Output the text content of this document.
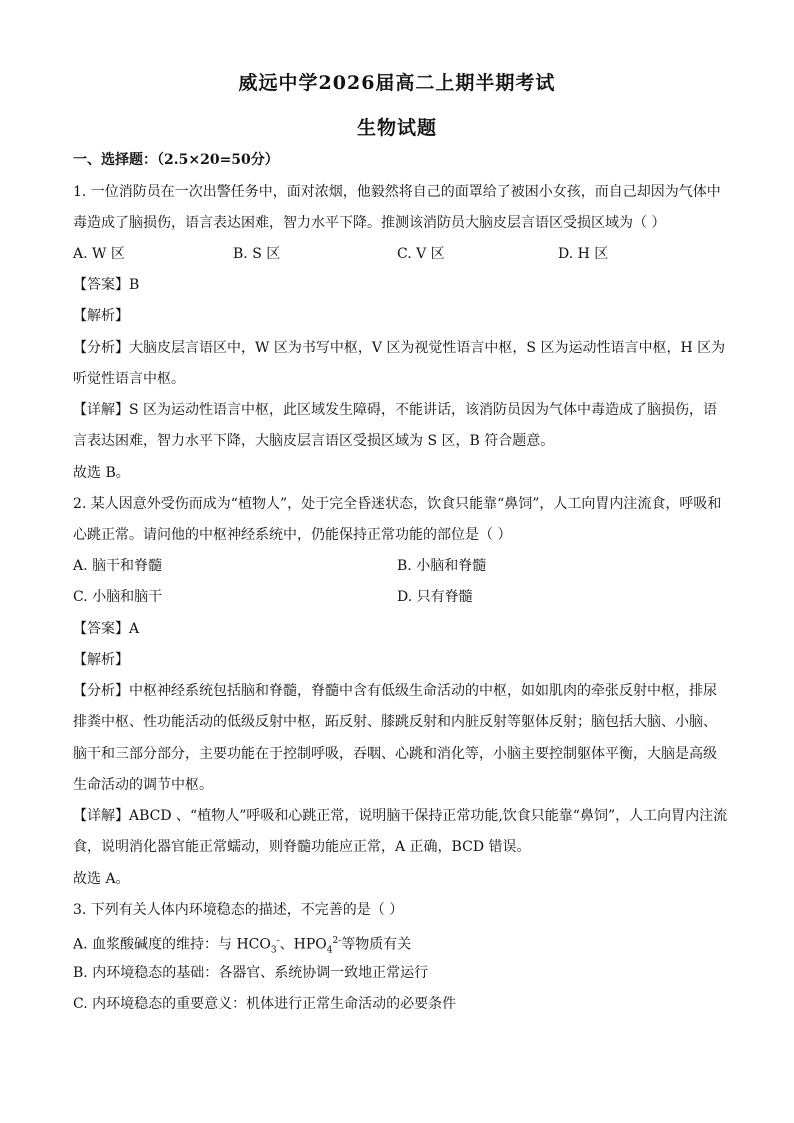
威远中学2026届高二上期半期考试
生物试题
一、选择题：（2.5×20=50分）
1. 一位消防员在一次出警任务中，面对浓烟，他毅然将自己的面罩给了被困小女孩，而自己却因为气体中
毒造成了脑损伤，语言表达困难，智力水平下降。推测该消防员大脑皮层言语区受损区域为（ ）
A. W 区	B. S 区	C. V 区	D. H 区
【答案】B
【解析】
【分析】大脑皮层言语区中，W 区为书写中枢，V 区为视觉性语言中枢，S 区为运动性语言中枢，H 区为
听觉性语言中枢。
【详解】S 区为运动性语言中枢，此区域发生障碍，不能讲话，该消防员因为气体中毒造成了脑损伤，语
言表达困难，智力水平下降，大脑皮层言语区受损区域为 S 区，B 符合题意。
故选 B。
2. 某人因意外受伤而成为“植物人”，处于完全昏迷状态，饮食只能靠“鼻饲”，人工向胃内注流食，呼吸和
心跳正常。请问他的中枢神经系统中，仍能保持正常功能的部位是（ ）
A. 脑干和脊髓	B. 小脑和脊髓
C. 小脑和脑干	D. 只有脊髓
【答案】A
【解析】
【分析】中枢神经系统包括脑和脊髓，脊髓中含有低级生命活动的中枢，如如肌肉的牵张反射中枢，排尿
排粪中枢、性功能活动的低级反射中枢，跖反射、膝跳反射和内脏反射等躯体反射；脑包括大脑、小脑、
脑干和三部分部分，主要功能在于控制呼吸，吞咽、心跳和消化等，小脑主要控制躯体平衡，大脑是高级
生命活动的调节中枢。
【详解】ABCD 、“植物人”呼吸和心跳正常，说明脑干保持正常功能,饮食只能靠“鼻饲”，人工向胃内注流
食，说明消化器官能正常蠕动，则脊髓功能应正常，A 正确，BCD 错误。
故选 A。
3. 下列有关人体内环境稳态的描述，不完善的是（ ）
A. 血浆酸碱度的维持：与 $HCO_3^-$、$HPO_4^{2-}$等物质有关
B. 内环境稳态的基础：各器官、系统协调一致地正常运行
C. 内环境稳态的重要意义：机体进行正常生命活动的必要条件
